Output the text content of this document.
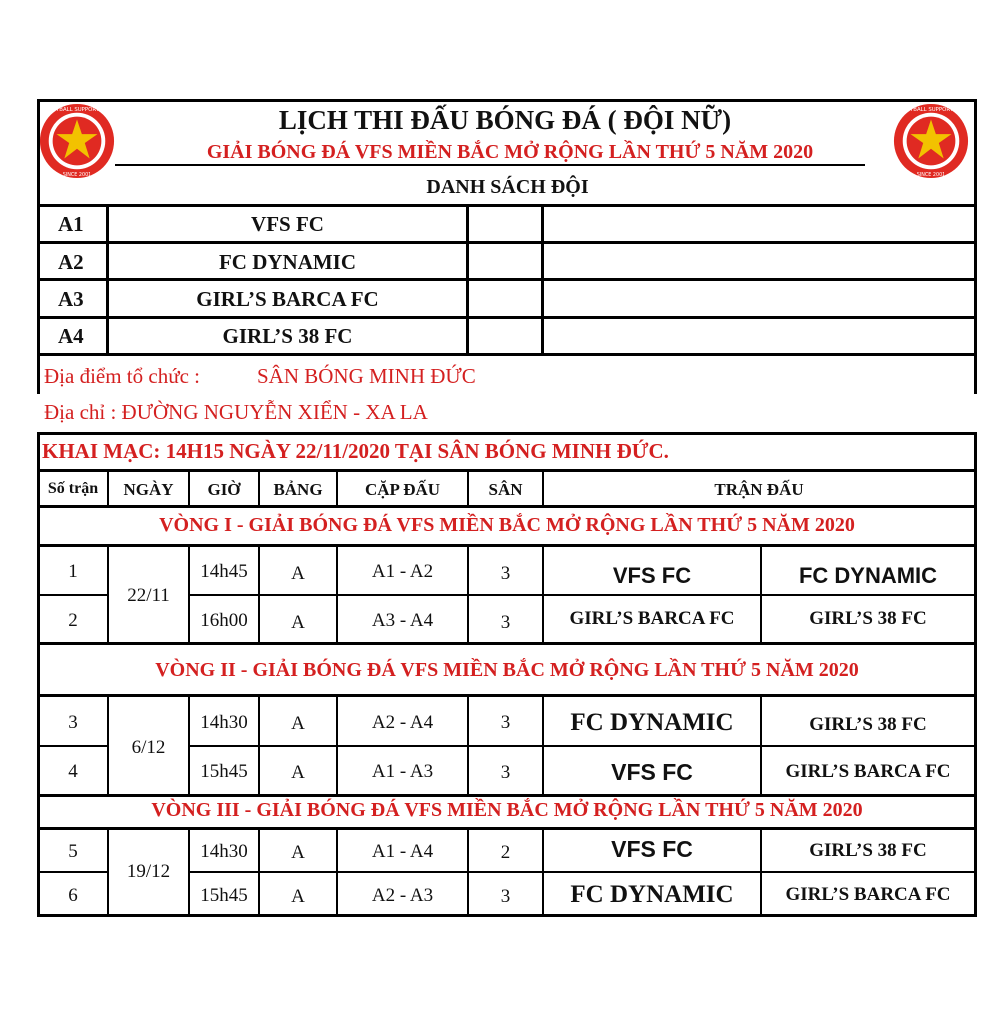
FOOTBALL SUPPORTERS
SINCE 2001
FOOTBALL SUPPORTERS
SINCE 2001
LỊCH THI ĐẤU BÓNG ĐÁ ( ĐỘI NỮ)
GIẢI BÓNG ĐÁ VFS MIỀN BẮC MỞ RỘNG LẦN THỨ 5 NĂM 2020
DANH SÁCH ĐỘI
A1	VFS FC
A2	FC DYNAMIC
A3	GIRL’S BARCA FC
A4	GIRL’S 38 FC
Địa điểm tổ chức :	SÂN BÓNG MINH ĐỨC
Địa chỉ : ĐƯỜNG NGUYỄN XIỂN - XA LA
KHAI MẠC: 14H15 NGÀY 22/11/2020 TẠI SÂN BÓNG MINH ĐỨC.
Số trận	NGÀY	GIỜ	BẢNG	CẶP ĐẤU	SÂN	TRẬN ĐẤU
VÒNG I - GIẢI BÓNG ĐÁ VFS MIỀN BẮC MỞ RỘNG LẦN THỨ 5 NĂM 2020
22/11
1	14h45	A	A1 - A2	3	VFS FC	FC DYNAMIC
2	16h00	A	A3 - A4	3	GIRL’S BARCA FC	GIRL’S 38 FC
VÒNG II - GIẢI BÓNG ĐÁ VFS MIỀN BẮC MỞ RỘNG LẦN THỨ 5 NĂM 2020
6/12
3	14h30	A	A2 - A4	3	FC DYNAMIC	GIRL’S 38 FC
4	15h45	A	A1 - A3	3	VFS FC	GIRL’S BARCA FC
VÒNG III - GIẢI BÓNG ĐÁ VFS MIỀN BẮC MỞ RỘNG LẦN THỨ 5 NĂM 2020
19/12
5	14h30	A	A1 - A4	2	VFS FC	GIRL’S 38 FC
6	15h45	A	A2 - A3	3	FC DYNAMIC	GIRL’S BARCA FC
